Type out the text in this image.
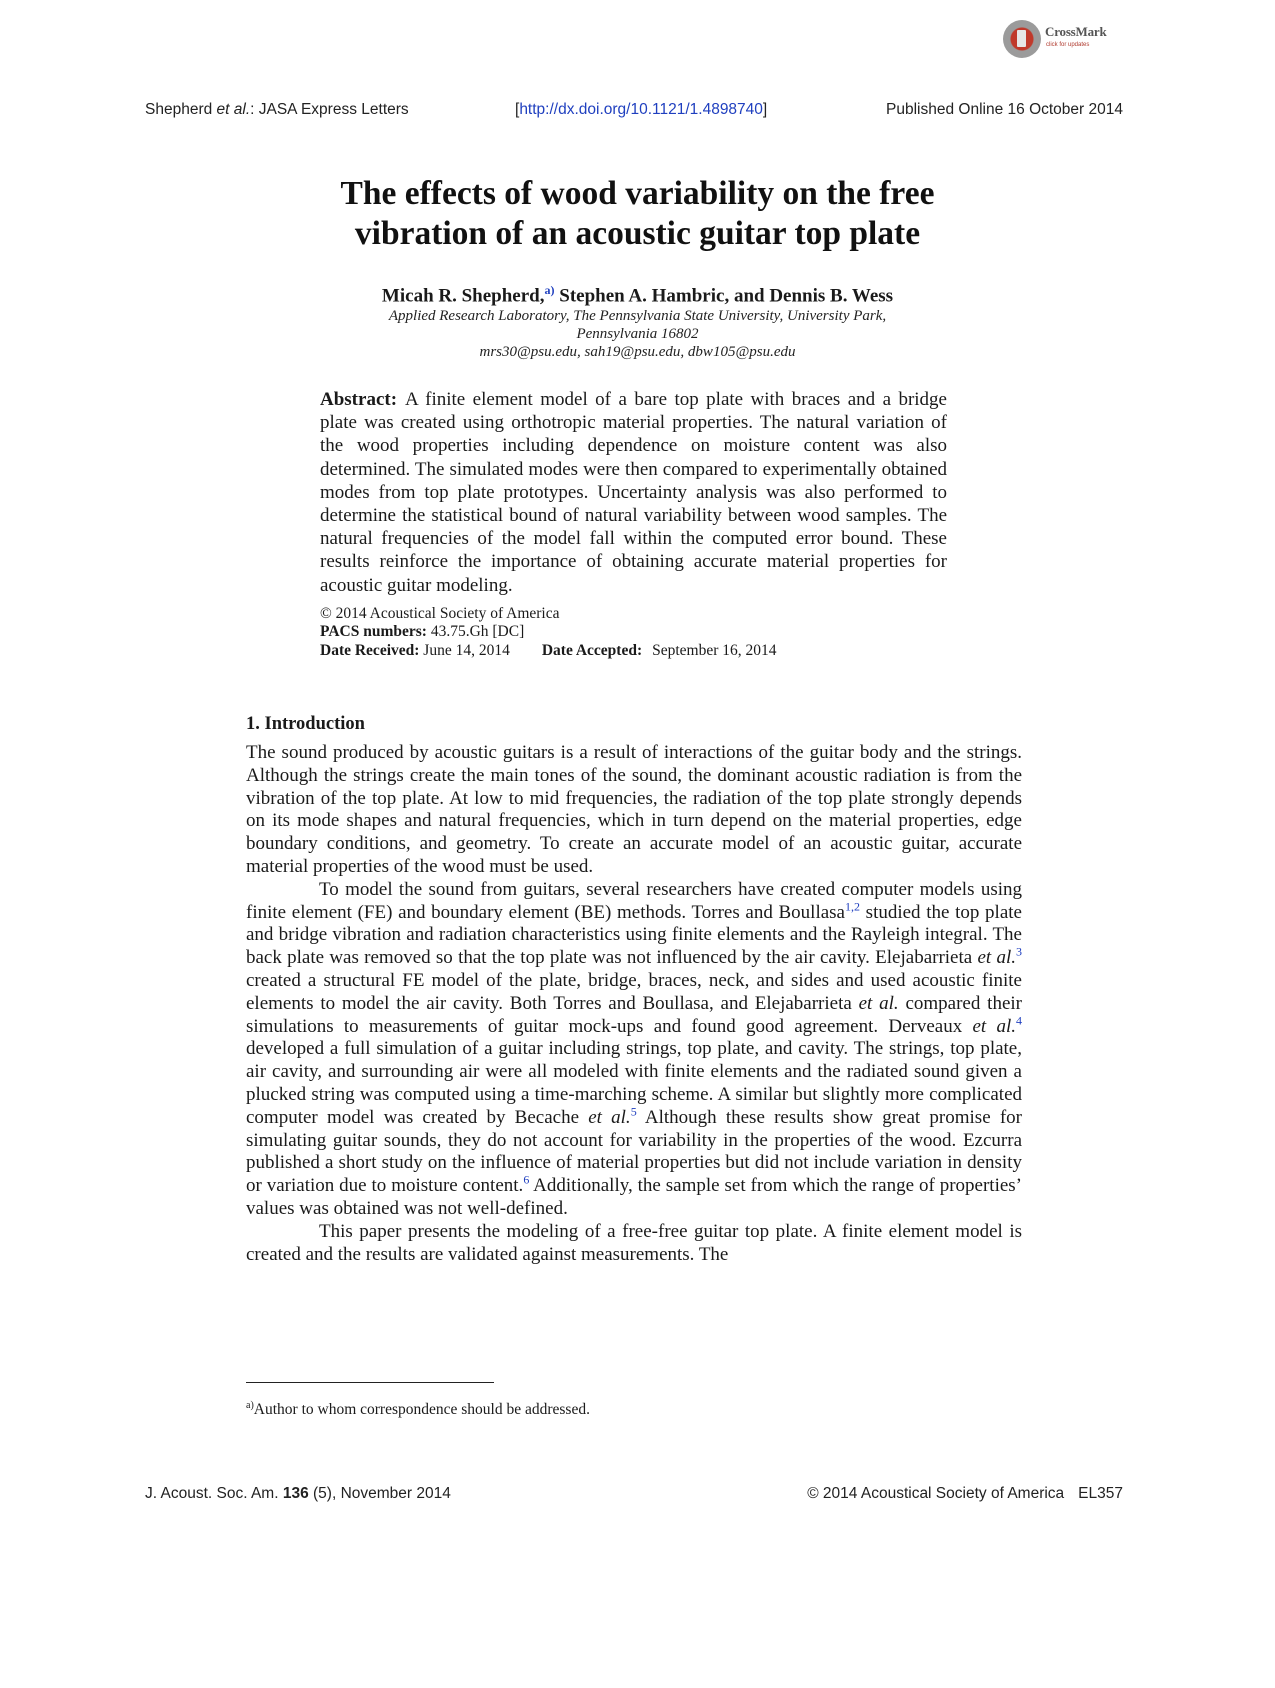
CrossMark
click for updates
Shepherd et al.: JASA Express Letters	[http://dx.doi.org/10.1121/1.4898740]	Published Online 16 October 2014
The effects of wood variability on the free
vibration of an acoustic guitar top plate
Micah R. Shepherd,$^{a)}$ Stephen A. Hambric, and Dennis B. Wess
Applied Research Laboratory, The Pennsylvania State University, University Park,
Pennsylvania 16802
mrs30@psu.edu, sah19@psu.edu, dbw105@psu.edu

Abstract: A finite element model of a bare top plate with braces and a bridge plate was created using orthotropic material properties. The natural variation of the wood properties including dependence on moisture content was also determined. The simulated modes were then compared to experimentally obtained modes from top plate prototypes. Uncertainty analysis was also performed to determine the statistical bound of natural variability between wood samples. The natural frequencies of the model fall within the computed error bound. These results reinforce the importance of obtaining accurate material properties for acoustic guitar modeling.

© 2014 Acoustical Society of America
PACS numbers: 43.75.Gh [DC]
Date Received: June 14, 2014 Date Accepted: September 16, 2014
1. Introduction

The sound produced by acoustic guitars is a result of interactions of the guitar body and the strings. Although the strings create the main tones of the sound, the dominant acoustic radiation is from the vibration of the top plate. At low to mid frequencies, the radiation of the top plate strongly depends on its mode shapes and natural frequencies, which in turn depend on the material properties, edge boundary conditions, and geometry. To create an accurate model of an acoustic guitar, accurate material properties of the wood must be used.

To model the sound from guitars, several researchers have created computer models using finite element (FE) and boundary element (BE) methods. Torres and Boullasa$^{1,2}$ studied the top plate and bridge vibration and radiation characteristics using finite elements and the Rayleigh integral. The back plate was removed so that the top plate was not influenced by the air cavity. Elejabarrieta et al.$^3$ created a structural FE model of the plate, bridge, braces, neck, and sides and used acoustic finite elements to model the air cavity. Both Torres and Boullasa, and Elejabarrieta et al. compared their simulations to measurements of guitar mock-ups and found good agreement. Derveaux et al.$^4$ developed a full simulation of a guitar including strings, top plate, and cavity. The strings, top plate, air cavity, and surrounding air were all modeled with finite elements and the radiated sound given a plucked string was computed using a time-marching scheme. A similar but slightly more complicated computer model was created by Becache et al.$^5$ Although these results show great promise for simulating guitar sounds, they do not account for variability in the properties of the wood. Ezcurra published a short study on the influence of material properties but did not include variation in density or variation due to moisture content.$^6$ Additionally, the sample set from which the range of properties’ values was obtained was not well-defined.

This paper presents the modeling of a free-free guitar top plate. A finite element model is created and the results are validated against measurements. The

$^{a)}$Author to whom correspondence should be addressed.
J. Acoust. Soc. Am. 136 (5), November 2014	© 2014 Acoustical Society of America EL357
